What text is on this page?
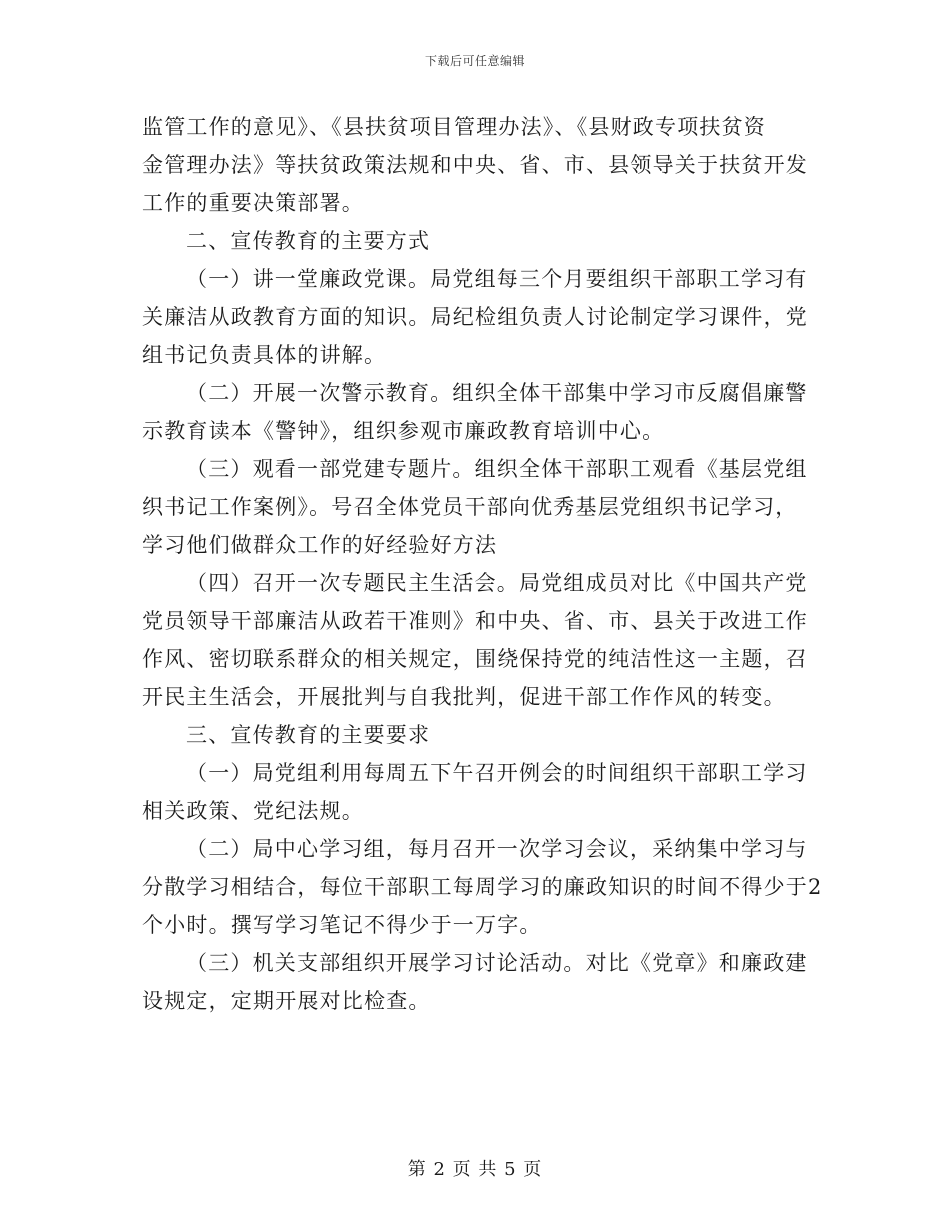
下载后可任意编辑
监管工作的意见》、《县扶贫项目管理办法》、《县财政专项扶贫资
金管理办法》等扶贫政策法规和中央、省、市、县领导关于扶贫开发
工作的重要决策部署。
二、宣传教育的主要方式
（一）讲一堂廉政党课。局党组每三个月要组织干部职工学习有
关廉洁从政教育方面的知识。局纪检组负责人讨论制定学习课件，党
组书记负责具体的讲解。
（二）开展一次警示教育。组织全体干部集中学习市反腐倡廉警
示教育读本《警钟》，组织参观市廉政教育培训中心。
（三）观看一部党建专题片。组织全体干部职工观看《基层党组
织书记工作案例》。号召全体党员干部向优秀基层党组织书记学习，
学习他们做群众工作的好经验好方法
（四）召开一次专题民主生活会。局党组成员对比《中国共产党
党员领导干部廉洁从政若干准则》和中央、省、市、县关于改进工作
作风、密切联系群众的相关规定，围绕保持党的纯洁性这一主题，召
开民主生活会，开展批判与自我批判，促进干部工作作风的转变。
三、宣传教育的主要要求
（一）局党组利用每周五下午召开例会的时间组织干部职工学习
相关政策、党纪法规。
（二）局中心学习组，每月召开一次学习会议，采纳集中学习与
分散学习相结合，每位干部职工每周学习的廉政知识的时间不得少于2
个小时。撰写学习笔记不得少于一万字。
（三）机关支部组织开展学习讨论活动。对比《党章》和廉政建
设规定，定期开展对比检查。
第 2 页 共 5 页
